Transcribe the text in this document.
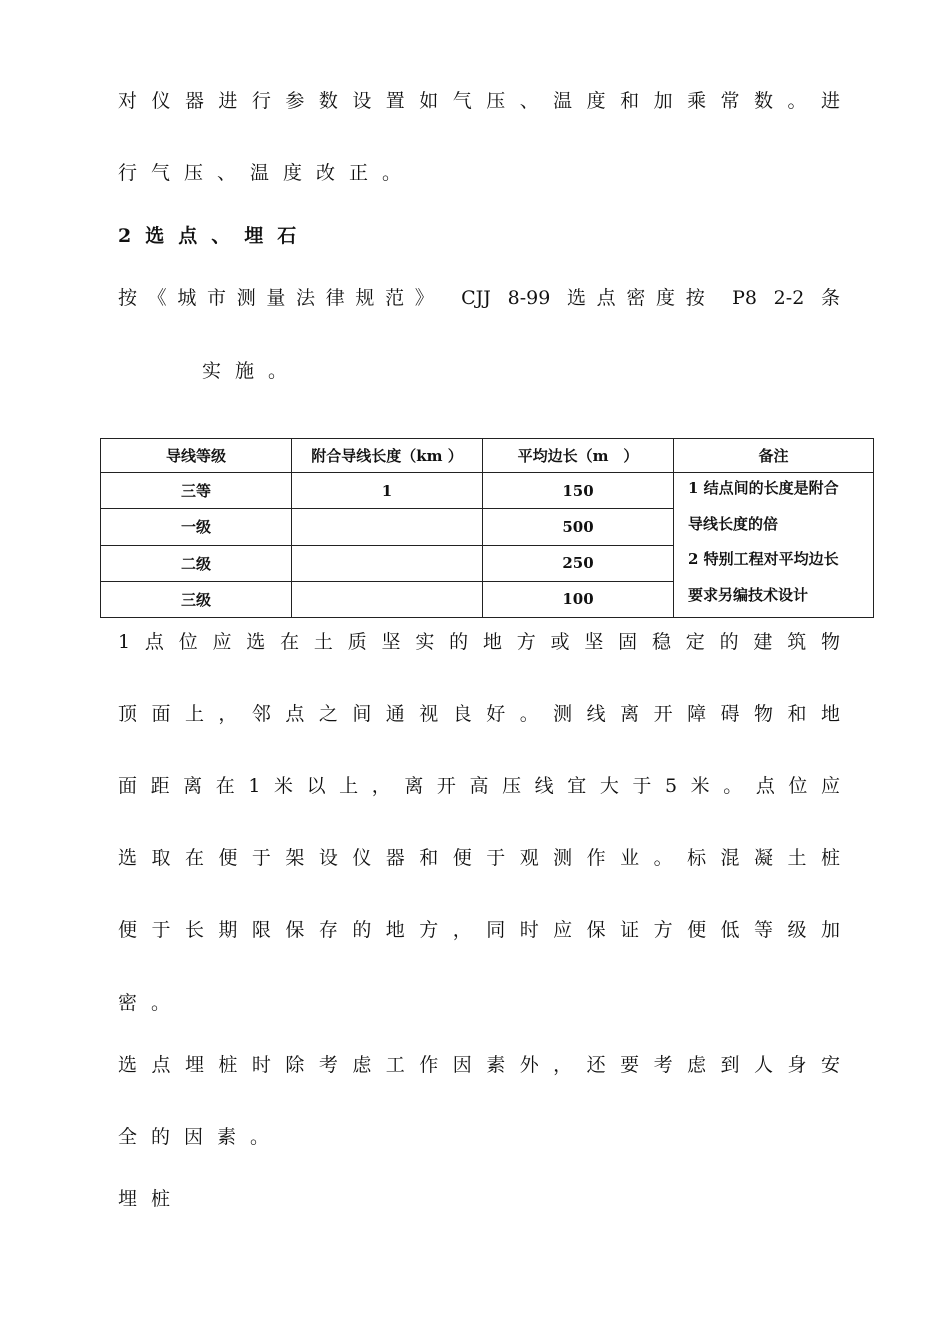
对仪器进行参数设置如气压、温度和加乘常数。进
行气压、温度改正。
2选点、埋石
按《城市测量法律规范》 CJJ 8-99 选点密度按 P8 2-2 条
实施。
导线等级	附合导线长度（km ）	平均边长（m　）	备注
三等	1	150	1 结点间的长度是附合
导线长度的倍
2 特别工程对平均边长
要求另编技术设计

一级		500	
二级		250	
三级		100	
1点位应选在土质坚实的地方或坚固稳定的建筑物
顶面上，邻点之间通视良好。测线离开障碍物和地
面距离在1米以上，离开高压线宜大于5米。点位应
选取在便于架设仪器和便于观测作业。标混凝土桩
便于长期限保存的地方，同时应保证方便低等级加
密。
选点埋桩时除考虑工作因素外，还要考虑到人身安
全的因素。
埋桩
